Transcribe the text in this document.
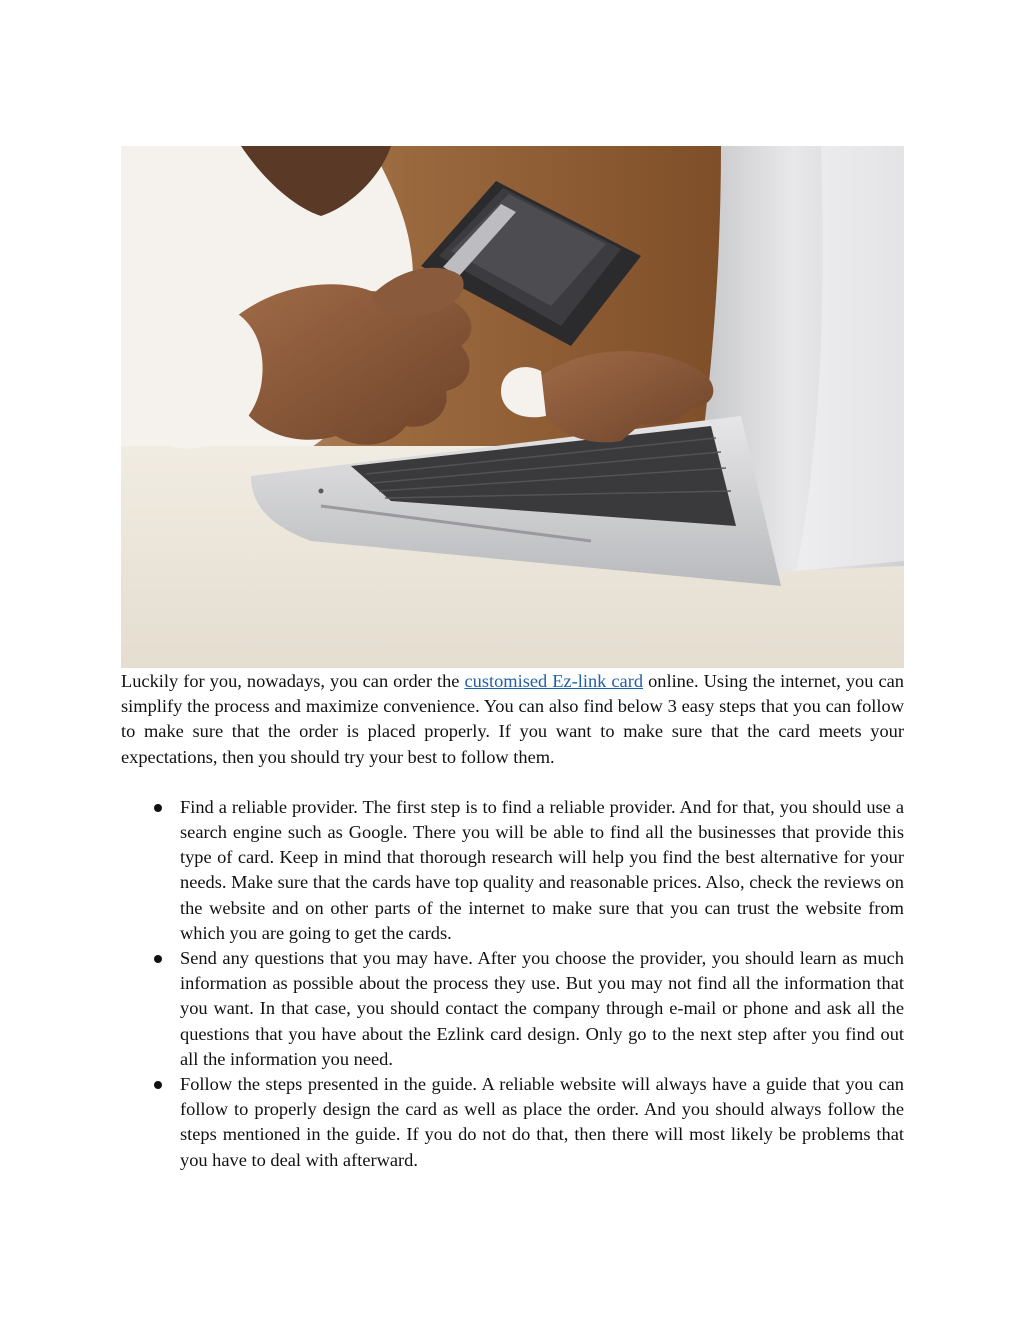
Luckily for you, nowadays, you can order the customised Ez-link card online. Using the internet, you can simplify the process and maximize convenience. You can also find below 3 easy steps that you can follow to make sure that the order is placed properly. If you want to make sure that the card meets your expectations, then you should try your best to follow them.

Find a reliable provider. The first step is to find a reliable provider. And for that, you should use a search engine such as Google. There you will be able to find all the businesses that provide this type of card. Keep in mind that thorough research will help you find the best alternative for your needs. Make sure that the cards have top quality and reasonable prices. Also, check the reviews on the website and on other parts of the internet to make sure that you can trust the website from which you are going to get the cards.
Send any questions that you may have. After you choose the provider, you should learn as much information as possible about the process they use. But you may not find all the information that you want. In that case, you should contact the company through e-mail or phone and ask all the questions that you have about the Ezlink card design. Only go to the next step after you find out all the information you need.
Follow the steps presented in the guide. A reliable website will always have a guide that you can follow to properly design the card as well as place the order. And you should always follow the steps mentioned in the guide. If you do not do that, then there will most likely be problems that you have to deal with afterward.
